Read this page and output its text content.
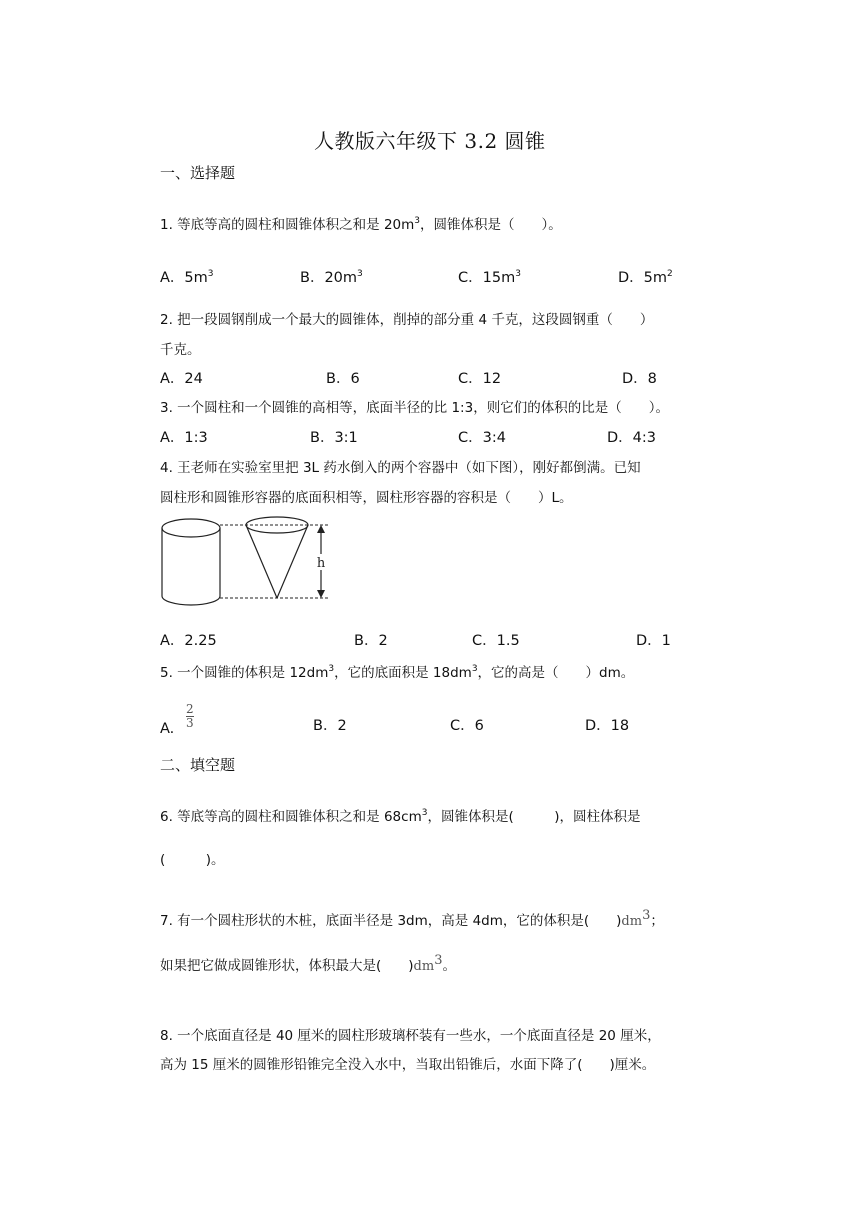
人教版六年级下 3.2 圆锥
一、选择题
1. 等底等高的圆柱和圆锥体积之和是 $20m^3$，圆锥体积是（　　）。
A．$5m^3$	B．$20m^3$	C．$15m^3$	D．$5m^2$
2. 把一段圆钢削成一个最大的圆锥体，削掉的部分重 4 千克，这段圆钢重（　　）
千克。
A．24	B．6	C．12	D．8
3. 一个圆柱和一个圆锥的高相等，底面半径的比 1:3，则它们的体积的比是（　　）。
A．1:3	B．3:1	C．3:4	D．4:3
4. 王老师在实验室里把 3L 药水倒入的两个容器中（如下图），刚好都倒满。已知
圆柱形和圆锥形容器的底面积相等，圆柱形容器的容积是（　　）L。
h
A．2.25	B．2	C．1.5	D．1
5. 一个圆锥的体积是 $12dm^3$，它的底面积是 $18dm^3$，它的高是（　　）dm。
A. $\frac{2}{3}$	B．2	C．6	D．18
二、填空题
6. 等底等高的圆柱和圆锥体积之和是 $68cm^3$，圆锥体积是(　　　)，圆柱体积是
(　　　)。
7. 有一个圆柱形状的木桩，底面半径是 3dm，高是 4dm，它的体积是(　　)$dm^3$；
如果把它做成圆锥形状，体积最大是(　　)$dm^3$。
8. 一个底面直径是 40 厘米的圆柱形玻璃杯装有一些水，一个底面直径是 20 厘米，
高为 15 厘米的圆锥形铅锥完全没入水中，当取出铅锥后，水面下降了(　　)厘米。
